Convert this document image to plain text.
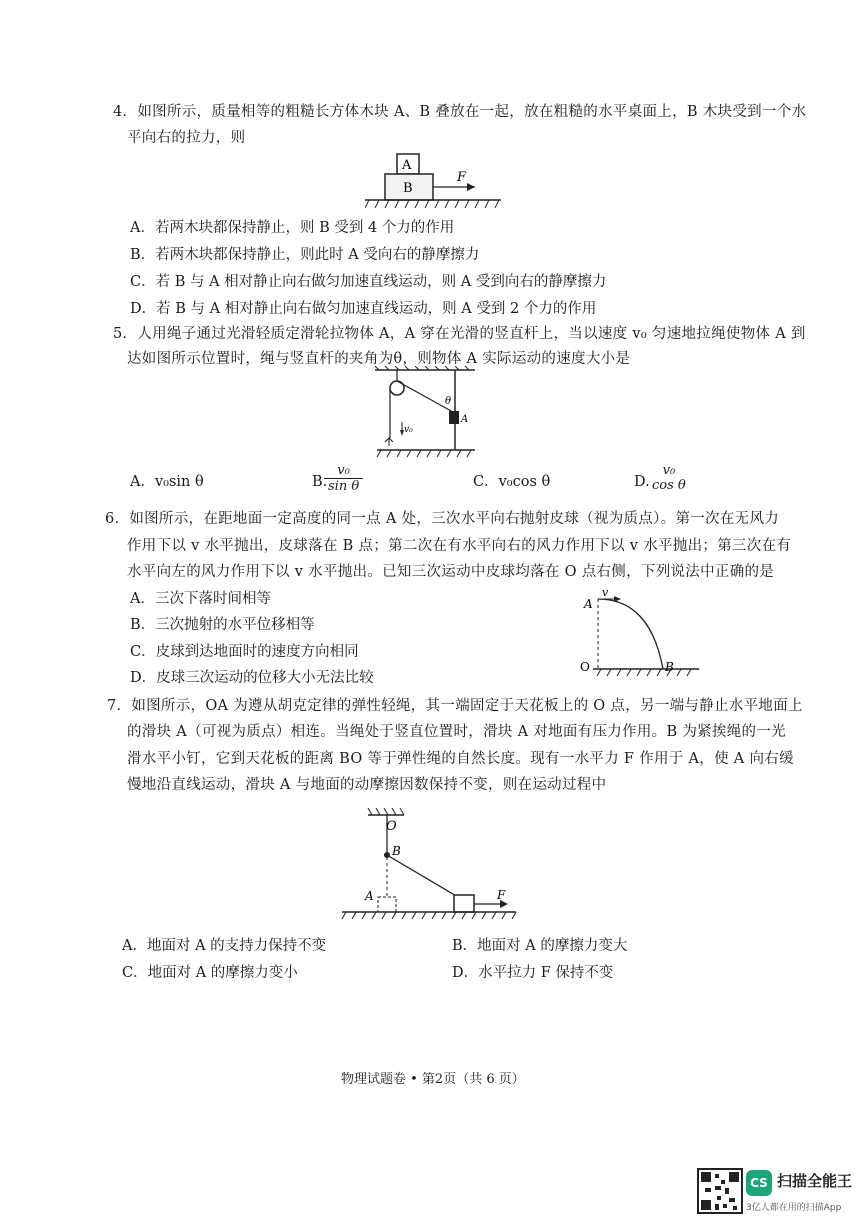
4．如图所示，质量相等的粗糙长方体木块 A、B 叠放在一起，放在粗糙的水平桌面上，B 木块受到一个水
平向右的拉力，则
A
B
F
A．若两木块都保持静止，则 B 受到 4 个力的作用
B．若两木块都保持静止，则此时 A 受向右的静摩擦力
C．若 B 与 A 相对静止向右做匀加速直线运动，则 A 受到向右的静摩擦力
D．若 B 与 A 相对静止向右做匀加速直线运动，则 A 受到 2 个力的作用
5．人用绳子通过光滑轻质定滑轮拉物体 A，A 穿在光滑的竖直杆上，当以速度 v₀ 匀速地拉绳使物体 A 到
达如图所示位置时，绳与竖直杆的夹角为θ，则物体 A 实际运动的速度大小是
θ
A
v₀
A．v₀sin θ	B.
$\frac{\text{v₀}}{\text{sin θ}}$	C．v₀cos θ	D.
v₀
cos θ
6．如图所示，在距地面一定高度的同一点 A 处，三次水平向右抛射皮球（视为质点）。第一次在无风力
作用下以 v 水平抛出，皮球落在 B 点；第二次在有水平向右的风力作用下以 v 水平抛出；第三次在有
水平向左的风力作用下以 v 水平抛出。已知三次运动中皮球均落在 O 点右侧，下列说法中正确的是
A．三次下落时间相等
B．三次抛射的水平位移相等
C．皮球到达地面时的速度方向相同
D．皮球三次运动的位移大小无法比较
A
v
O	B
7．如图所示，OA 为遵从胡克定律的弹性轻绳，其一端固定于天花板上的 O 点，另一端与静止水平地面上
的滑块 A（可视为质点）相连。当绳处于竖直位置时，滑块 A 对地面有压力作用。B 为紧挨绳的一光
滑水平小钉，它到天花板的距离 BO 等于弹性绳的自然长度。现有一水平力 F 作用于 A，使 A 向右缓
慢地沿直线运动，滑块 A 与地面的动摩擦因数保持不变，则在运动过程中
O
B
A	F
A．地面对 A 的支持力保持不变	B．地面对 A 的摩擦力变大
C．地面对 A 的摩擦力变小	D．水平拉力 F 保持不变
物理试题卷 • 第2页（共 6 页）
CS 扫描全能王
3亿人都在用的扫描App
